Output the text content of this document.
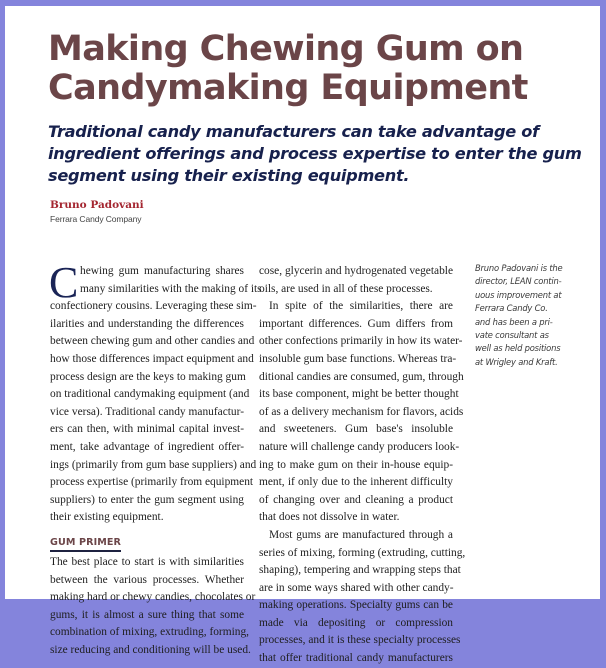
Making Chewing Gum on
Candymaking Equipment
Traditional candy manufacturers can take advantage of
ingredient offerings and process expertise to enter the gum
segment using their existing equipment.
Bruno Padovani
Ferrara Candy Company

C hewing gum manufacturing shares
many similarities with the making of its
confectionery cousins. Leveraging these sim-
ilarities and understanding the differences
between chewing gum and other candies and
how those differences impact equipment and
process design are the keys to making gum
on traditional candymaking equipment (and
vice versa). Traditional candy manufactur-
ers can then, with minimal capital invest-
ment, take advantage of ingredient offer-
ings (primarily from gum base suppliers) and
process expertise (primarily from equipment
suppliers) to enter the gum segment using
their existing equipment.

GUM PRIMER

The best place to start is with similarities
between the various processes. Whether
making hard or chewy candies, chocolates or
gums, it is almost a sure thing that some
combination of mixing, extruding, forming,
size reducing and conditioning will be used.

cose, glycerin and hydrogenated vegetable
oils, are used in all of these processes.

In spite of the similarities, there are
important differences. Gum differs from
other confections primarily in how its water-
insoluble gum base functions. Whereas tra-
ditional candies are consumed, gum, through
its base component, might be better thought
of as a delivery mechanism for flavors, acids
and sweeteners. Gum base's insoluble
nature will challenge candy producers look-
ing to make gum on their in-house equip-
ment, if only due to the inherent difficulty
of changing over and cleaning a product
that does not dissolve in water.

Most gums are manufactured through a
series of mixing, forming (extruding, cutting,
shaping), tempering and wrapping steps that
are in some ways shared with other candy-
making operations. Specialty gums can be
made via depositing or compression
processes, and it is these specialty processes
that offer traditional candy manufacturers

Bruno Padovani is the
director, LEAN contin-
uous improvement at
Ferrara Candy Co.
and has been a pri-
vate consultant as
well as held positions
at Wrigley and Kraft.
